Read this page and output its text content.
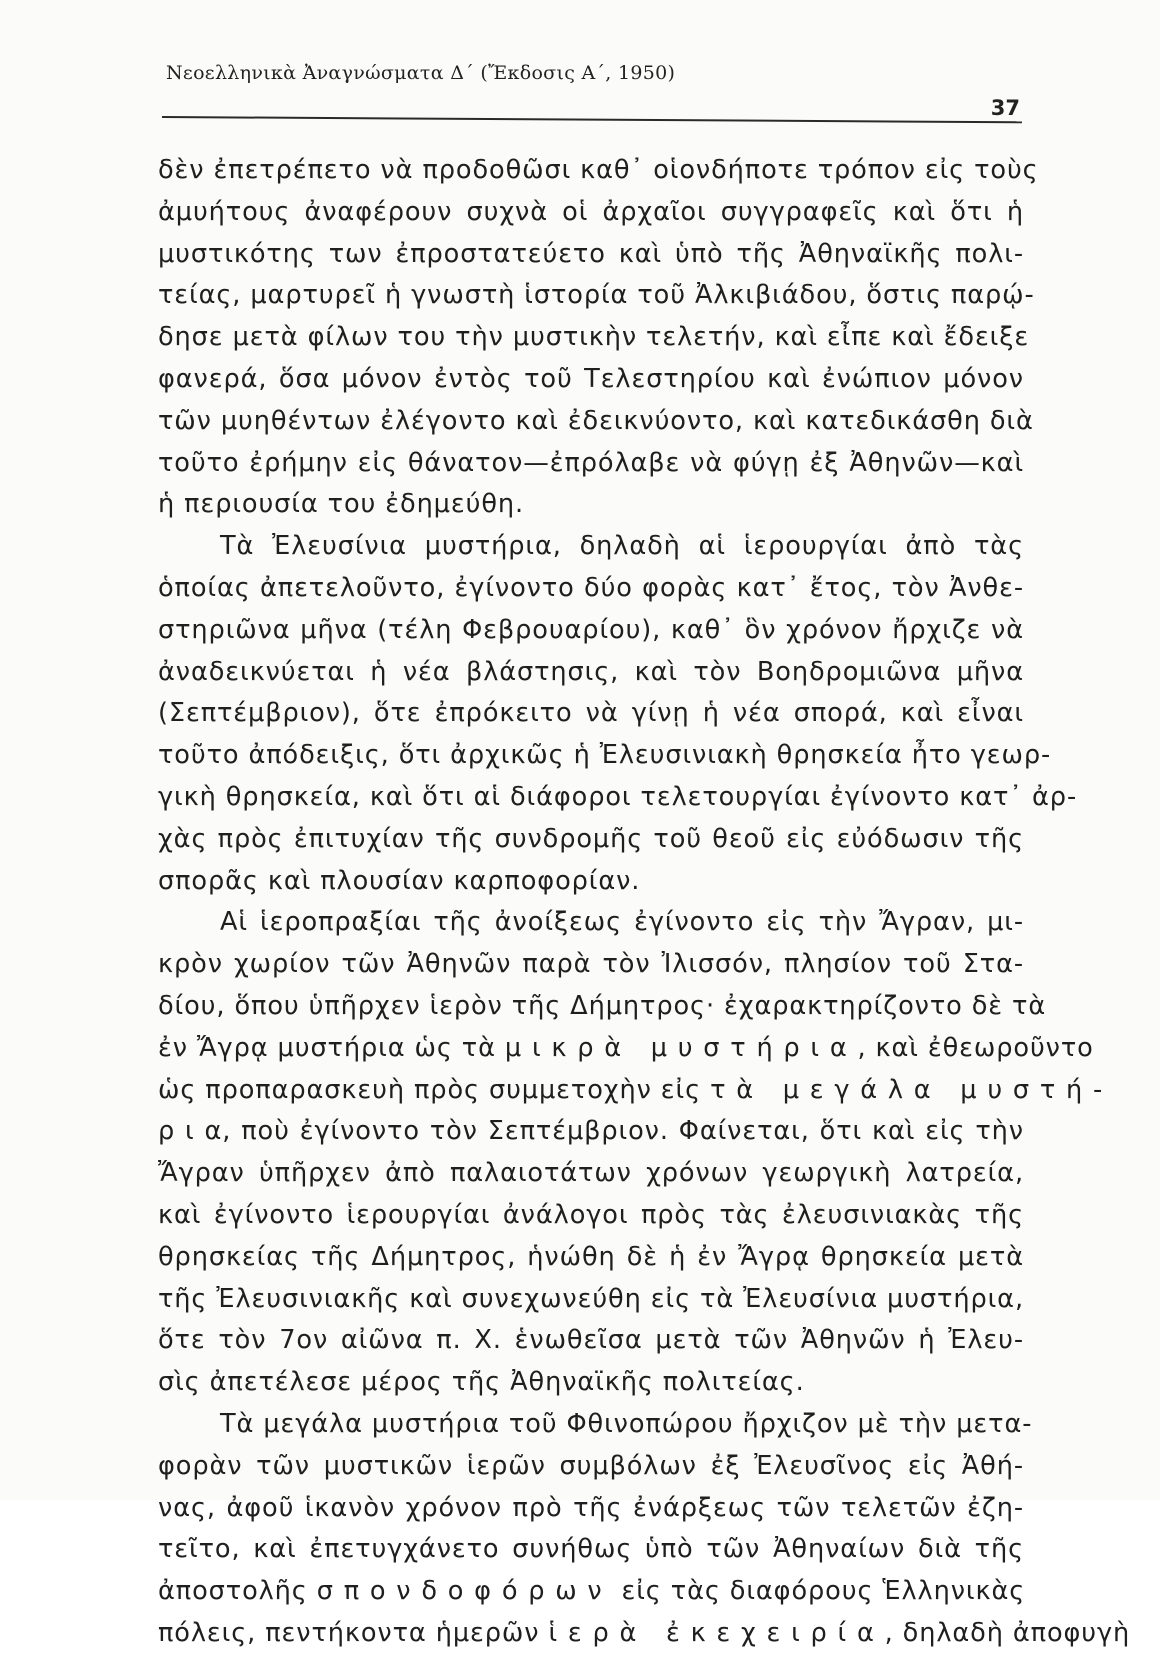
Νεοελληνικὰ Ἀναγνώσματα Δ΄ (Ἔκδοσις Α΄, 1950)
37
δὲν ἐπετρέπετο νὰ προδοθῶσι καθ᾽ οἱονδήποτε τρόπον εἰς τοὺς
ἀμυήτους ἀναφέρουν συχνὰ οἱ ἀρχαῖοι συγγραφεῖς καὶ ὅτι ἡ
μυστικότης των ἐπροστατεύετο καὶ ὑπὸ τῆς Ἀθηναϊκῆς πολι-
τείας, μαρτυρεῖ ἡ γνωστὴ ἱστορία τοῦ Ἀλκιβιάδου, ὅστις παρῴ-
δησε μετὰ φίλων του τὴν μυστικὴν τελετήν, καὶ εἶπε καὶ ἔδειξε
φανερά, ὅσα μόνον ἐντὸς τοῦ Τελεστηρίου καὶ ἐνώπιον μόνον
τῶν μυηθέντων ἐλέγοντο καὶ ἐδεικνύοντο, καὶ κατεδικάσθη διὰ
τοῦτο ἐρήμην εἰς θάνατον—ἐπρόλαβε νὰ φύγῃ ἐξ Ἀθηνῶν—καὶ
ἡ περιουσία του ἐδημεύθη.
Τὰ Ἐλευσίνια μυστήρια, δηλαδὴ αἱ ἱερουργίαι ἀπὸ τὰς
ὁποίας ἀπετελοῦντο, ἐγίνοντο δύο φορὰς κατ᾽ ἔτος, τὸν Ἀνθε-
στηριῶνα μῆνα (τέλη Φεβρουαρίου), καθ᾽ ὃν χρόνον ἤρχιζε νὰ
ἀναδεικνύεται ἡ νέα βλάστησις, καὶ τὸν Βοηδρομιῶνα μῆνα
(Σεπτέμβριον), ὅτε ἐπρόκειτο νὰ γίνῃ ἡ νέα σπορά, καὶ εἶναι
τοῦτο ἀπόδειξις, ὅτι ἀρχικῶς ἡ Ἐλευσινιακὴ θρησκεία ἦτο γεωρ-
γικὴ θρησκεία, καὶ ὅτι αἱ διάφοροι τελετουργίαι ἐγίνοντο κατ᾽ ἀρ-
χὰς πρὸς ἐπιτυχίαν τῆς συνδρομῆς τοῦ θεοῦ εἰς εὐόδωσιν τῆς
σπορᾶς καὶ πλουσίαν καρποφορίαν.
Αἱ ἱεροπραξίαι τῆς ἀνοίξεως ἐγίνοντο εἰς τὴν Ἄγραν, μι-
κρὸν χωρίον τῶν Ἀθηνῶν παρὰ τὸν Ἰλισσόν, πλησίον τοῦ Στα-
δίου, ὅπου ὑπῆρχεν ἱερὸν τῆς Δήμητρος· ἐχαρακτηρίζοντο δὲ τὰ
ἐν Ἄγρᾳ μυστήρια ὡς τὰ μικρὰ μυστήρια, καὶ ἐθεωροῦντο
ὡς προπαρασκευὴ πρὸς συμμετοχὴν εἰς τὰ μεγάλα μυστή-
ρ ι α, ποὺ ἐγίνοντο τὸν Σεπτέμβριον. Φαίνεται, ὅτι καὶ εἰς τὴν
Ἄγραν ὑπῆρχεν ἀπὸ παλαιοτάτων χρόνων γεωργικὴ λατρεία,
καὶ ἐγίνοντο ἱερουργίαι ἀνάλογοι πρὸς τὰς ἐλευσινιακὰς τῆς
θρησκείας τῆς Δήμητρος, ἡνώθη δὲ ἡ ἐν Ἄγρᾳ θρησκεία μετὰ
τῆς Ἐλευσινιακῆς καὶ συνεχωνεύθη εἰς τὰ Ἐλευσίνια μυστήρια,
ὅτε τὸν 7ον αἰῶνα π. Χ. ἑνωθεῖσα μετὰ τῶν Ἀθηνῶν ἡ Ἐλευ-
σὶς ἀπετέλεσε μέρος τῆς Ἀθηναϊκῆς πολιτείας.
Τὰ μεγάλα μυστήρια τοῦ Φθινοπώρου ἤρχιζον μὲ τὴν μετα-
φορὰν τῶν μυστικῶν ἱερῶν συμβόλων ἐξ Ἐλευσῖνος εἰς Ἀθή-
νας, ἀφοῦ ἱκανὸν χρόνον πρὸ τῆς ἐνάρξεως τῶν τελετῶν ἐζη-
τεῖτο, καὶ ἐπετυγχάνετο συνήθως ὑπὸ τῶν Ἀθηναίων διὰ τῆς
ἀποστολῆς σπονδοφόρων εἰς τὰς διαφόρους Ἑλληνικὰς
πόλεις, πεντήκοντα ἡμερῶν ἱερὰ ἐκεχειρία, δηλαδὴ ἀποφυγὴ
